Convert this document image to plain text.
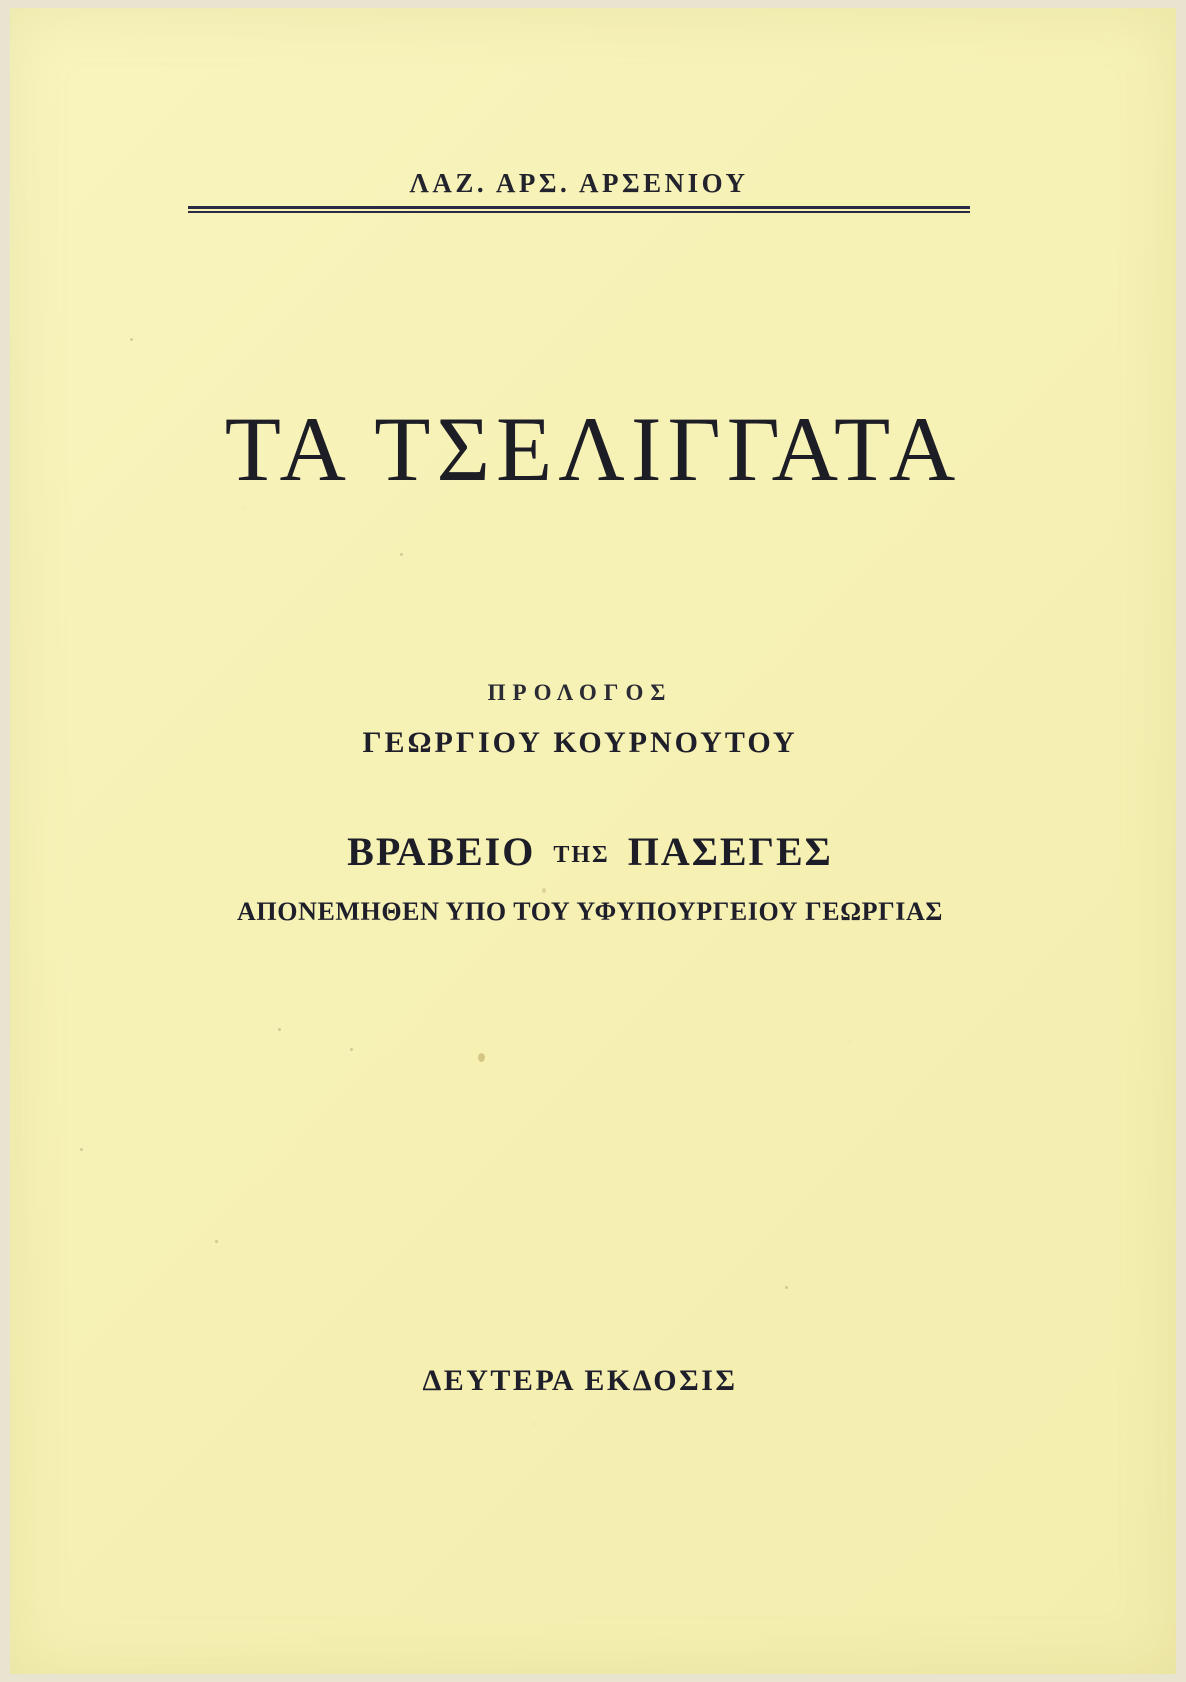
ΛΑΖ. ΑΡΣ. ΑΡΣΕΝΙΟΥ
ΤΑ ΤΣΕΛΙΓΓΑΤΑ
ΠΡΟΛΟΓΟΣ
ΓΕΩΡΓΙΟΥ ΚΟΥΡΝΟΥΤΟΥ
ΒΡΑΒΕΙΟ ΤΗΣ ΠΑΣΕΓΕΣ
ΑΠΟΝΕΜΗΘΕΝ ΥΠΟ ΤΟΥ ΥΦΥΠΟΥΡΓΕΙΟΥ ΓΕΩΡΓΙΑΣ
ΔΕΥΤΕΡΑ ΕΚΔΟΣΙΣ
